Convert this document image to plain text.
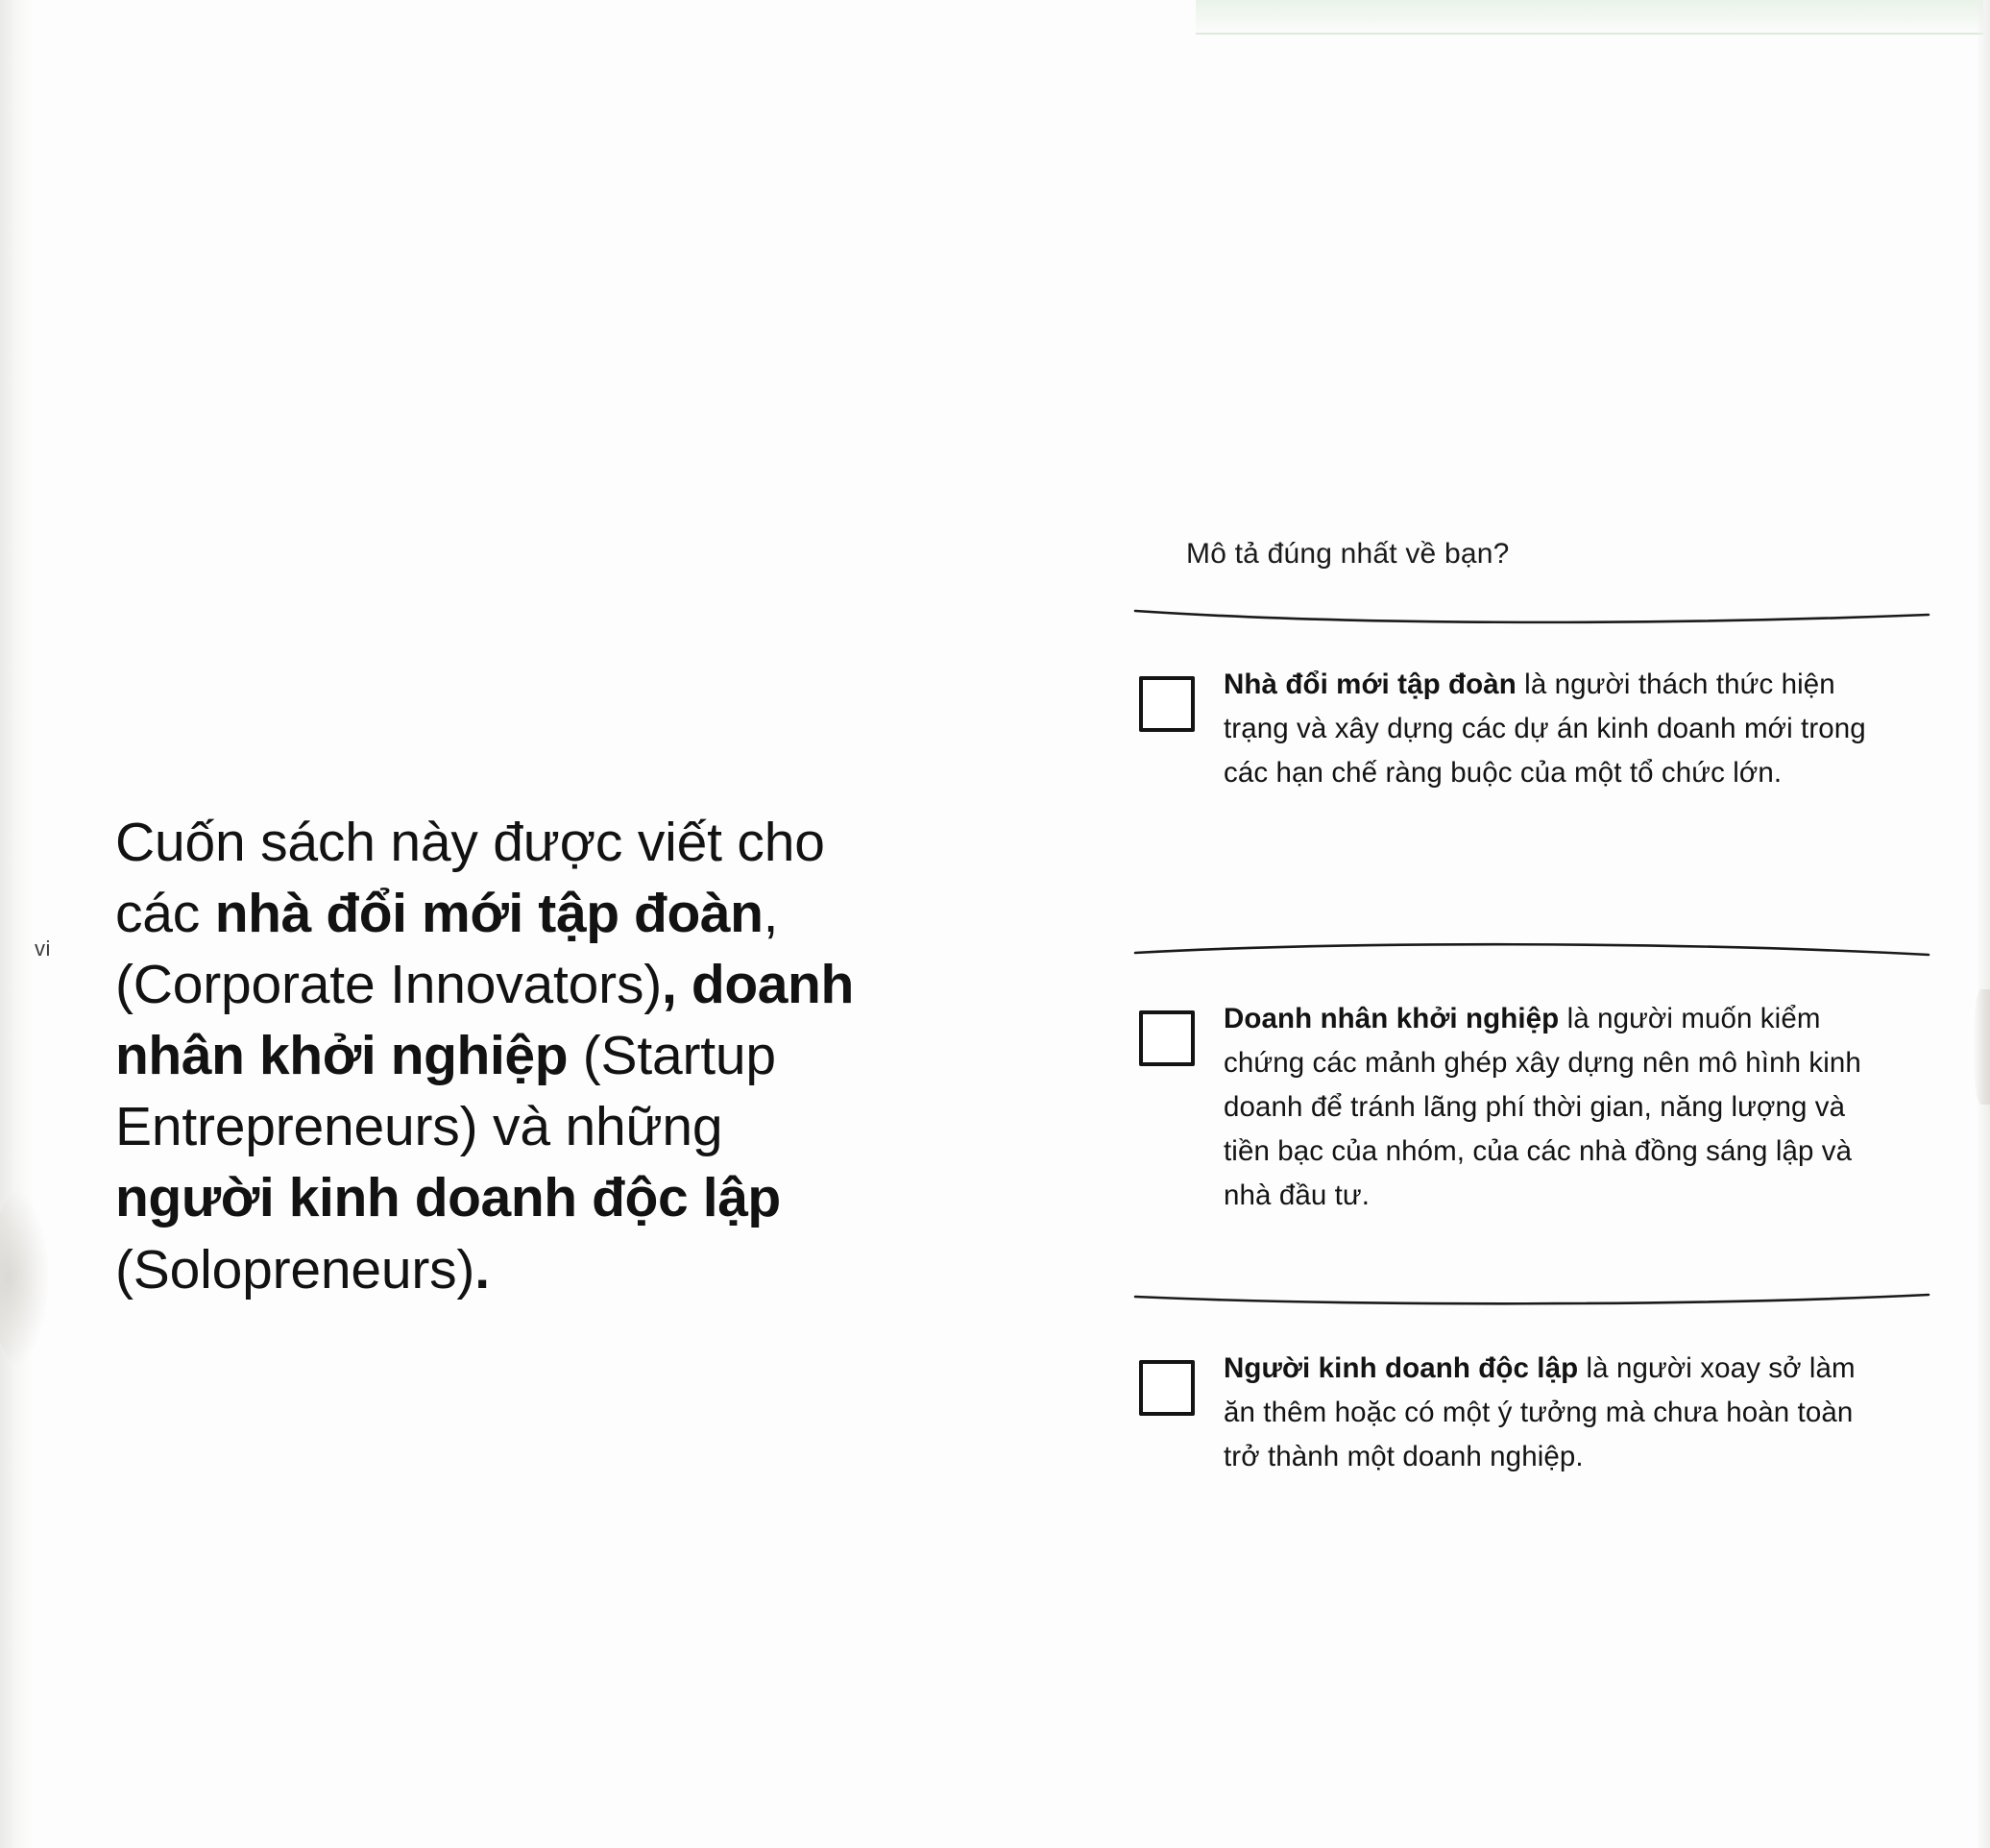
vi

Cuốn sách này được viết cho các nhà đổi mới tập đoàn, (Corporate Innovators), doanh nhân khởi nghiệp (Startup Entrepreneurs) và những người kinh doanh độc lập (Solopreneurs).

Mô tả đúng nhất về bạn?
Nhà đổi mới tập đoàn là người thách thức hiện trạng và xây dựng các dự án kinh doanh mới trong các hạn chế ràng buộc của một tổ chức lớn.
Doanh nhân khởi nghiệp là người muốn kiểm chứng các mảnh ghép xây dựng nên mô hình kinh doanh để tránh lãng phí thời gian, năng lượng và tiền bạc của nhóm, của các nhà đồng sáng lập và nhà đầu tư.
Người kinh doanh độc lập là người xoay sở làm ăn thêm hoặc có một ý tưởng mà chưa hoàn toàn trở thành một doanh nghiệp.
